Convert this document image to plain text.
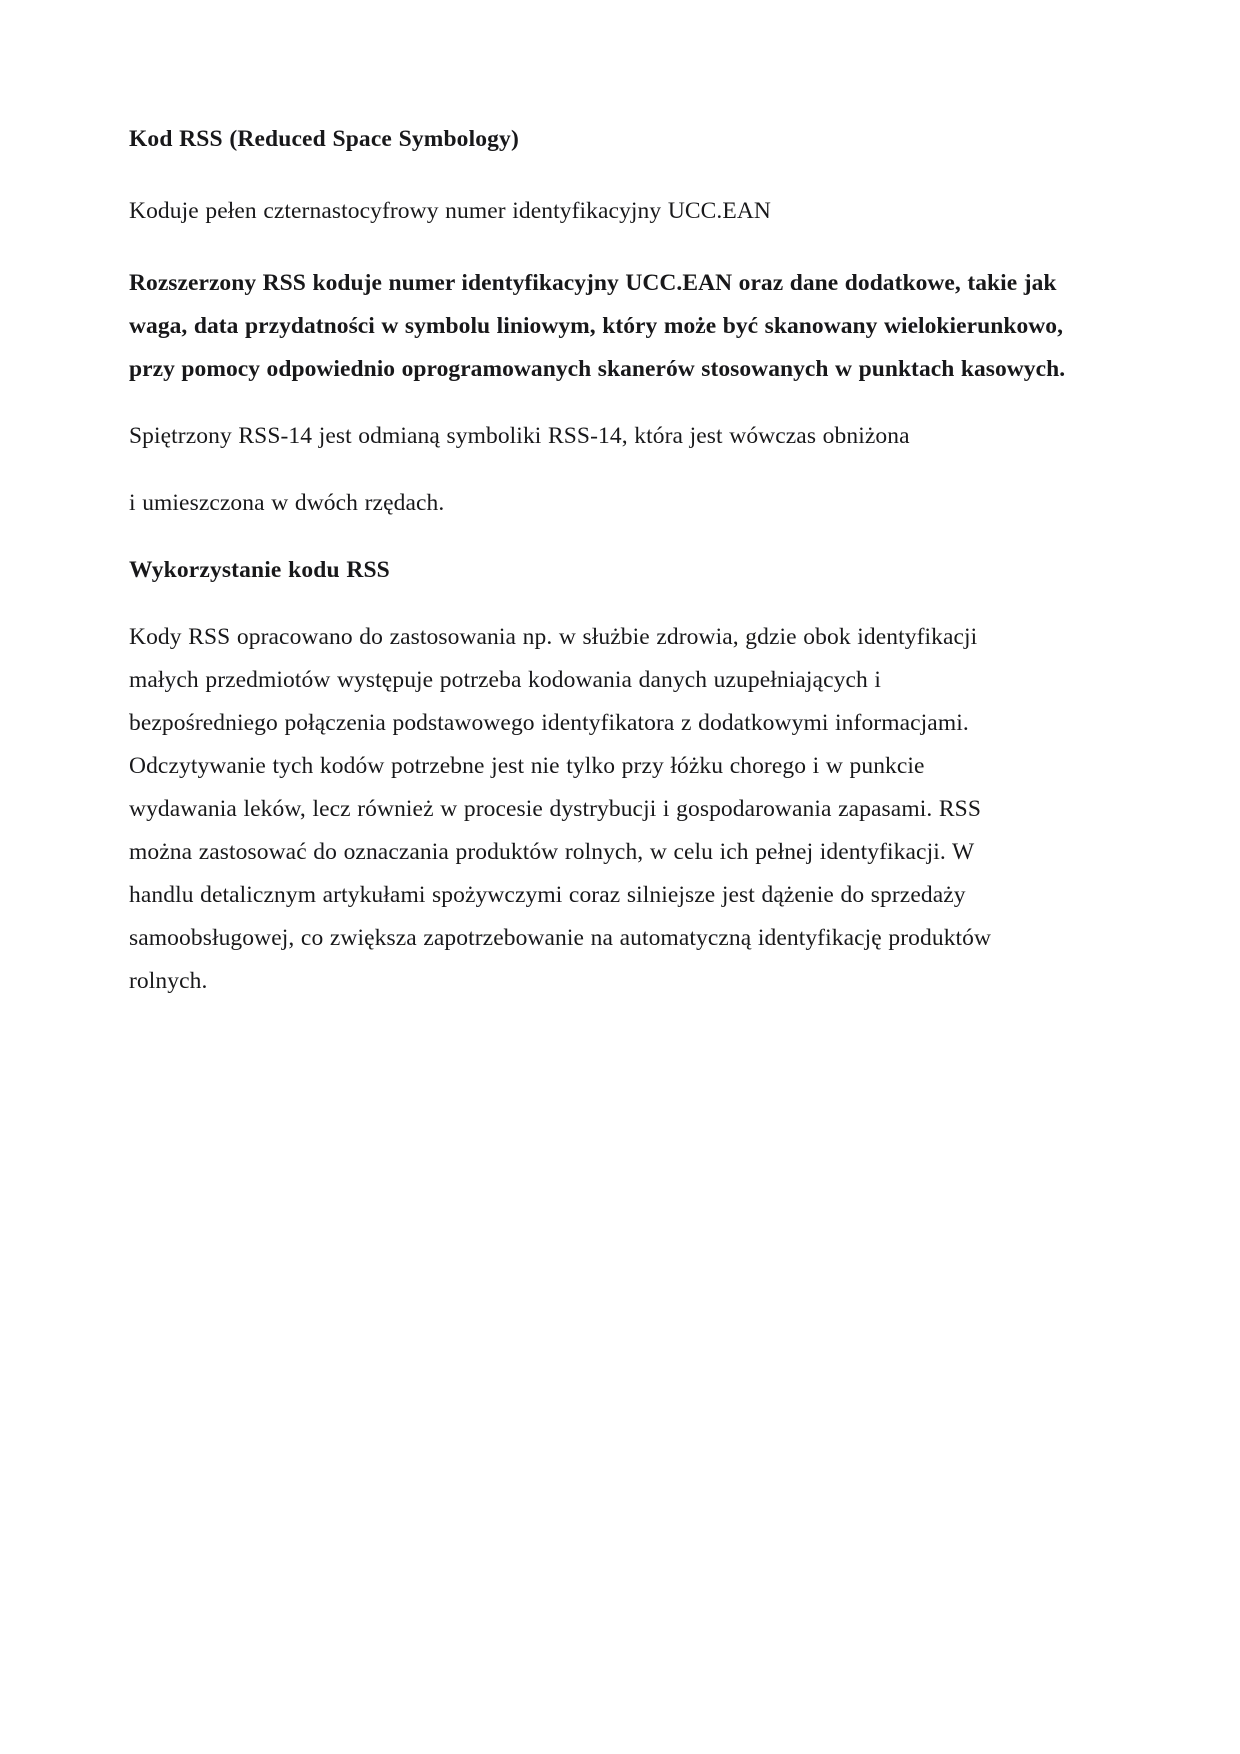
Kod RSS (Reduced Space Symbology)

Koduje pełen czternastocyfrowy numer identyfikacyjny UCC.EAN

Rozszerzony RSS koduje numer identyfikacyjny UCC.EAN oraz dane dodatkowe, takie jak
waga, data przydatności w symbolu liniowym, który może być skanowany wielokierunkowo,
przy pomocy odpowiednio oprogramowanych skanerów stosowanych w punktach kasowych.

Spiętrzony RSS-14 jest odmianą symboliki RSS-14, która jest wówczas obniżona

i umieszczona w dwóch rzędach.

Wykorzystanie kodu RSS

Kody RSS opracowano do zastosowania np. w służbie zdrowia, gdzie obok identyfikacji
małych przedmiotów występuje potrzeba kodowania danych uzupełniających i
bezpośredniego połączenia podstawowego identyfikatora z dodatkowymi informacjami.
Odczytywanie tych kodów potrzebne jest nie tylko przy łóżku chorego i w punkcie
wydawania leków, lecz również w procesie dystrybucji i gospodarowania zapasami. RSS
można zastosować do oznaczania produktów rolnych, w celu ich pełnej identyfikacji. W
handlu detalicznym artykułami spożywczymi coraz silniejsze jest dążenie do sprzedaży
samoobsługowej, co zwiększa zapotrzebowanie na automatyczną identyfikację produktów
rolnych.
